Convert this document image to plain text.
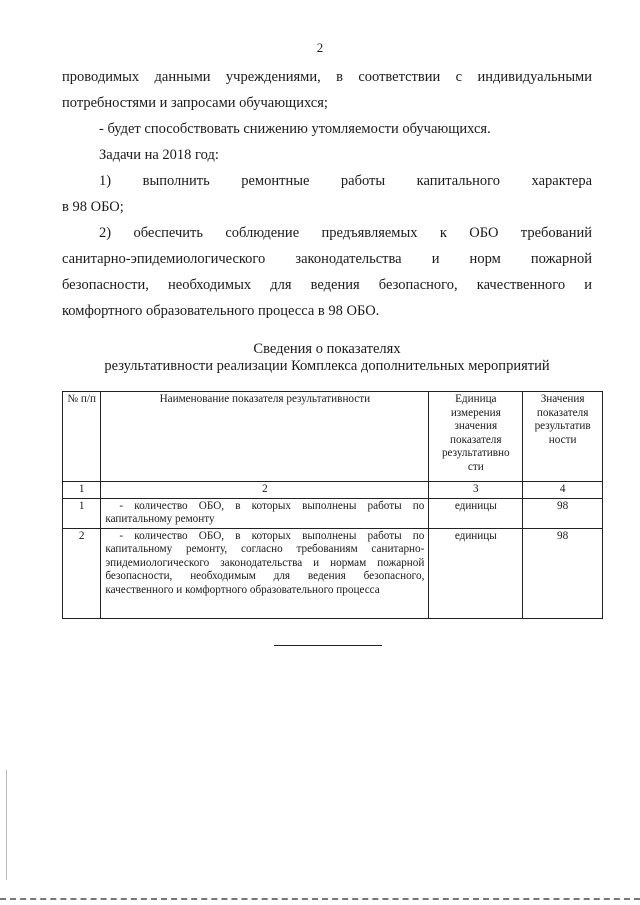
2
проводимых данными учреждениями, в соответствии с индивидуальными
потребностями и запросами обучающихся;
- будет способствовать снижению утомляемости обучающихся.
Задачи на 2018 год:
1) выполнить ремонтные работы капитального характера
в 98 ОБО;
2) обеспечить соблюдение предъявляемых к ОБО требований
санитарно-эпидемиологического законодательства и норм пожарной
безопасности, необходимых для ведения безопасного, качественного и
комфортного образовательного процесса в 98 ОБО.
Сведения о показателях
результативности реализации Комплекса дополнительных мероприятий
№ п/п	Наименование показателя результативности	Единица измерения значения показателя результативно сти	Значения показателя результатив ности
1	2	3	4
1	- количество ОБО, в которых выполнены работы по капитальному ремонту	единицы	98
2	- количество ОБО, в которых выполнены работы по капитальному ремонту, согласно требованиям санитарно-эпидемиологического законодательства и нормам пожарной безопасности, необходимым для ведения безопасного, качественного и комфортного образовательного процесса	единицы	98
